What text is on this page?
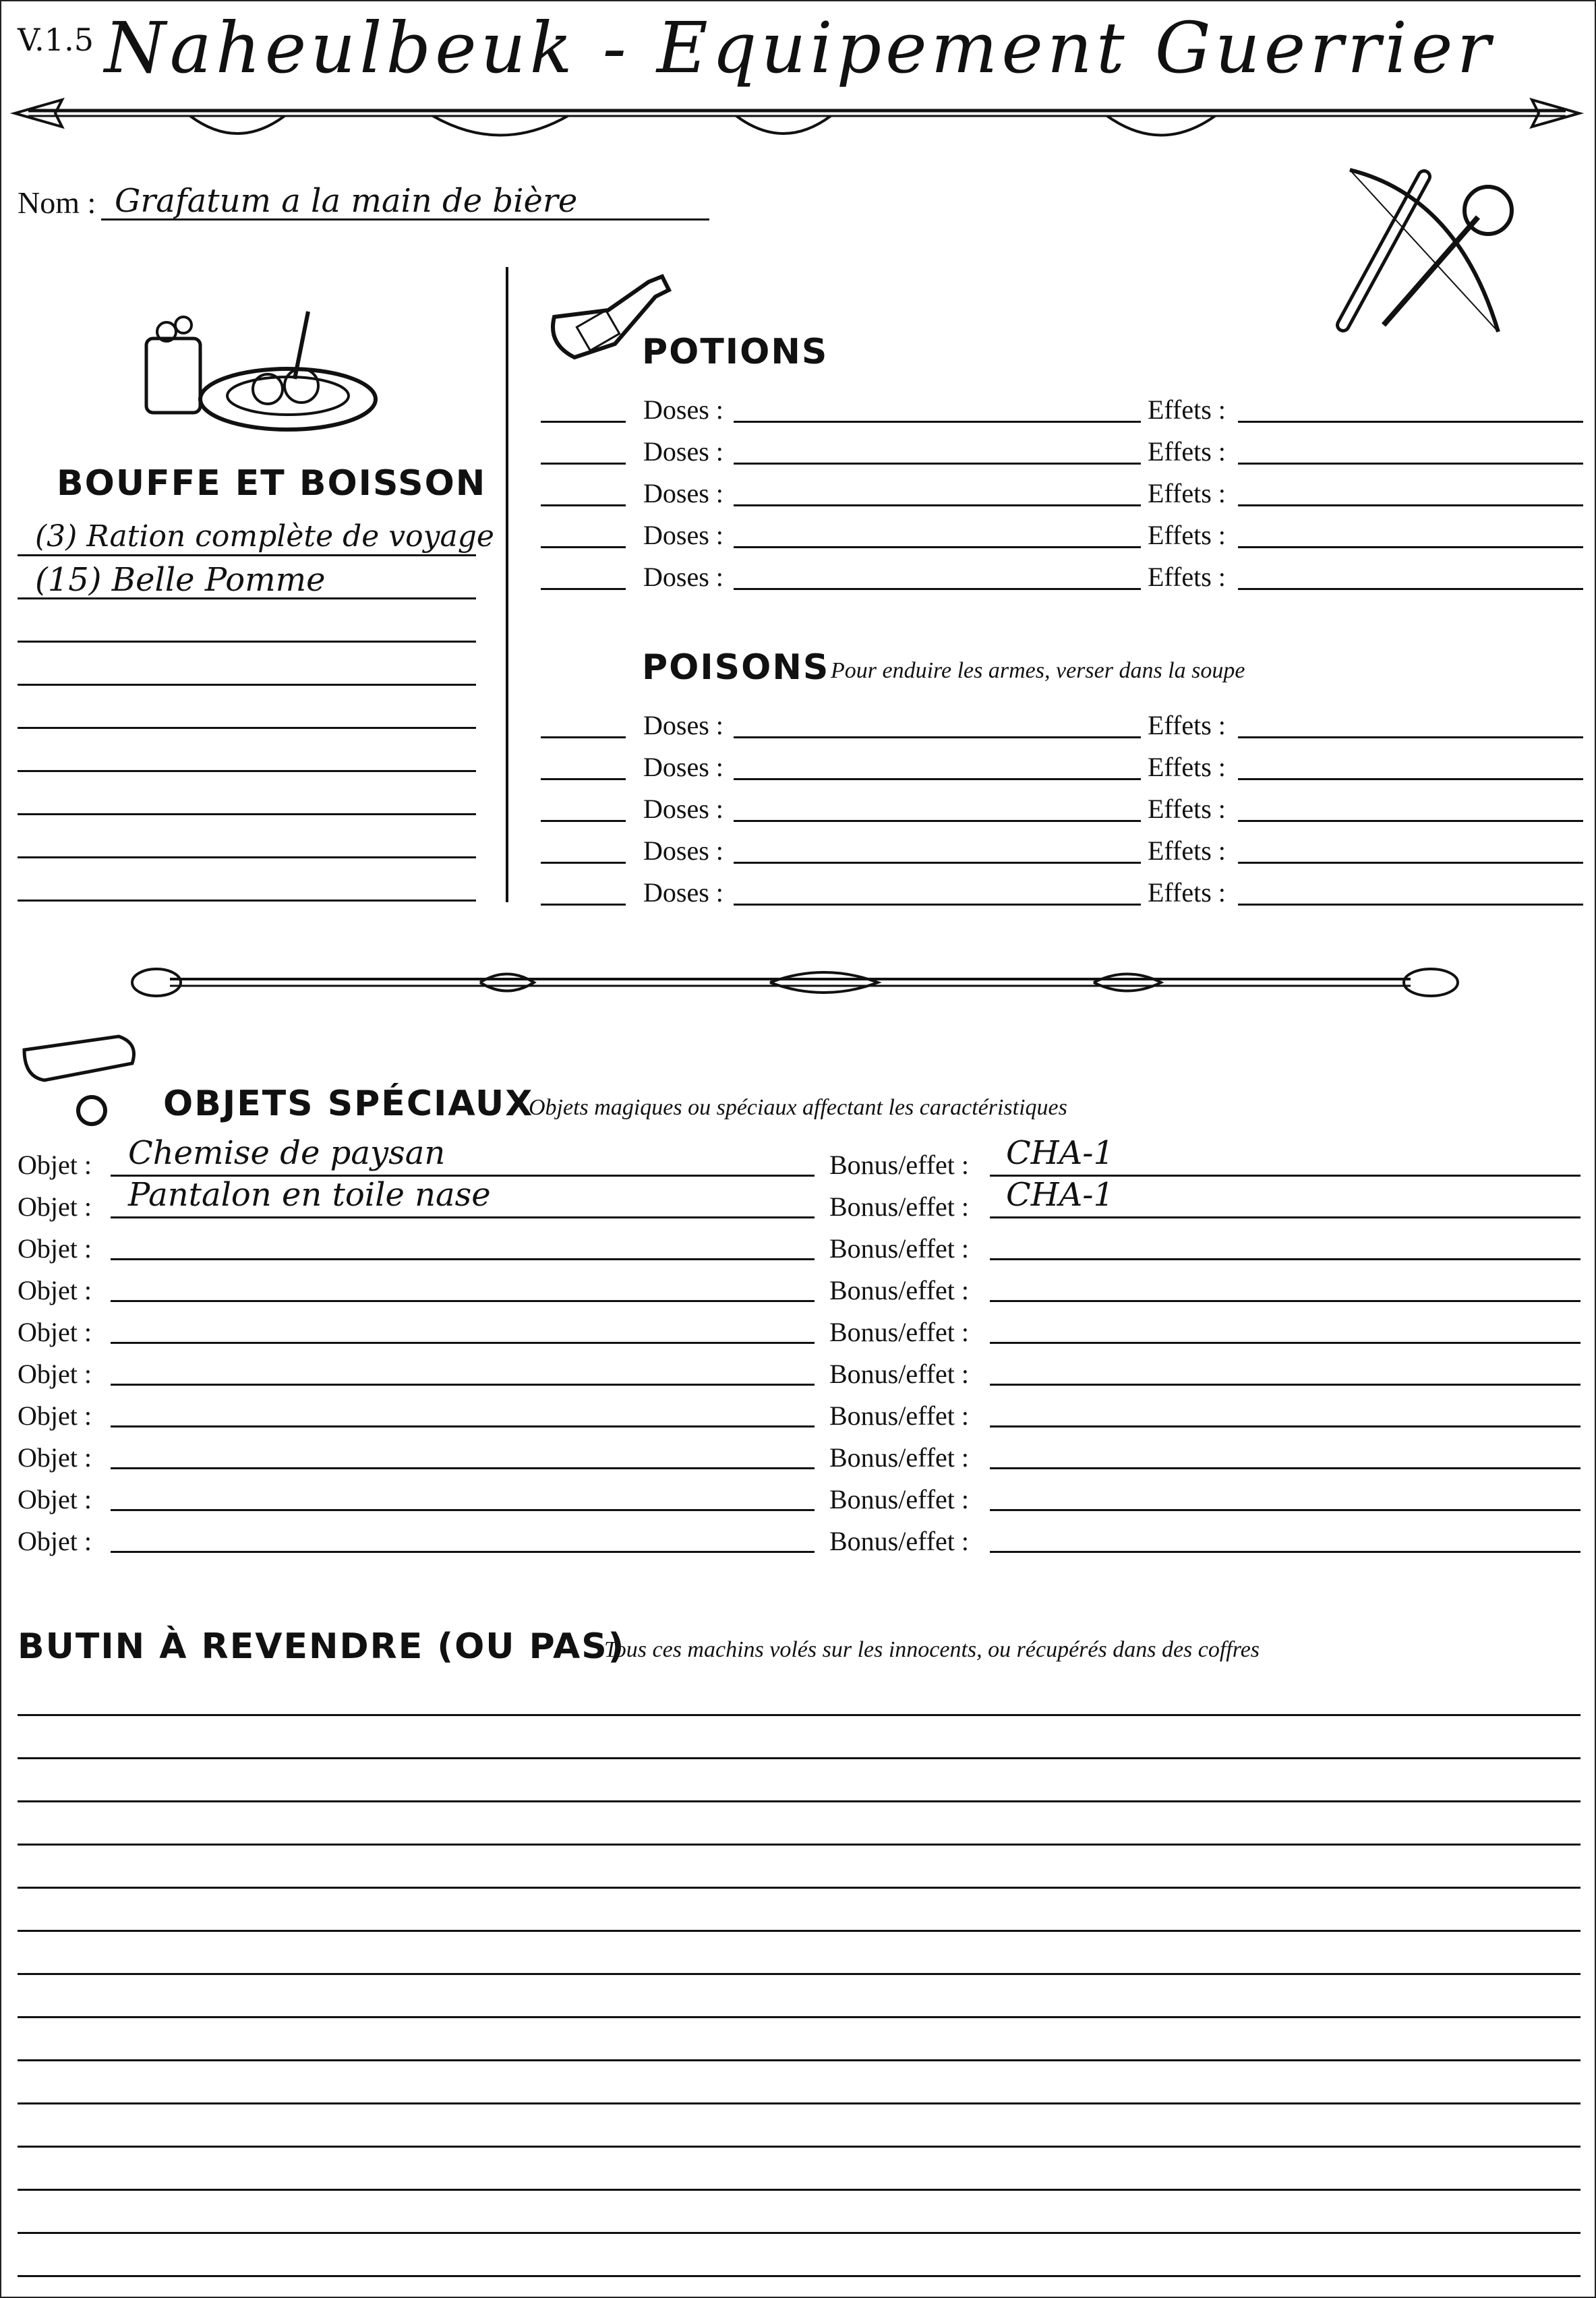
V.1.5 Naheulbeuk - Equipement Guerrier
Nom : Grafatum a la main de bière
BOUFFE ET BOISSON
(3) Ration complète de voyage
(15) Belle Pomme
POTIONS
Doses :	Effets :
Doses :	Effets :
Doses :	Effets :
Doses :	Effets :
Doses :	Effets :
POISONS Pour enduire les armes, verser dans la soupe
Doses :	Effets :
Doses :	Effets :
Doses :	Effets :
Doses :	Effets :
Doses :	Effets :
OBJETS SPÉCIAUX
Objets magiques ou spéciaux affectant les caractéristiques
Objet : Chemise de paysan	Bonus/effet : CHA-1
Objet : Pantalon en toile nase	Bonus/effet : CHA-1
Objet :	Bonus/effet :
Objet :	Bonus/effet :
Objet :	Bonus/effet :
Objet :	Bonus/effet :
Objet :	Bonus/effet :
Objet :	Bonus/effet :
Objet :	Bonus/effet :
Objet :	Bonus/effet :
BUTIN À REVENDRE (OU PAS)
Tous ces machins volés sur les innocents, ou récupérés dans des coffres
